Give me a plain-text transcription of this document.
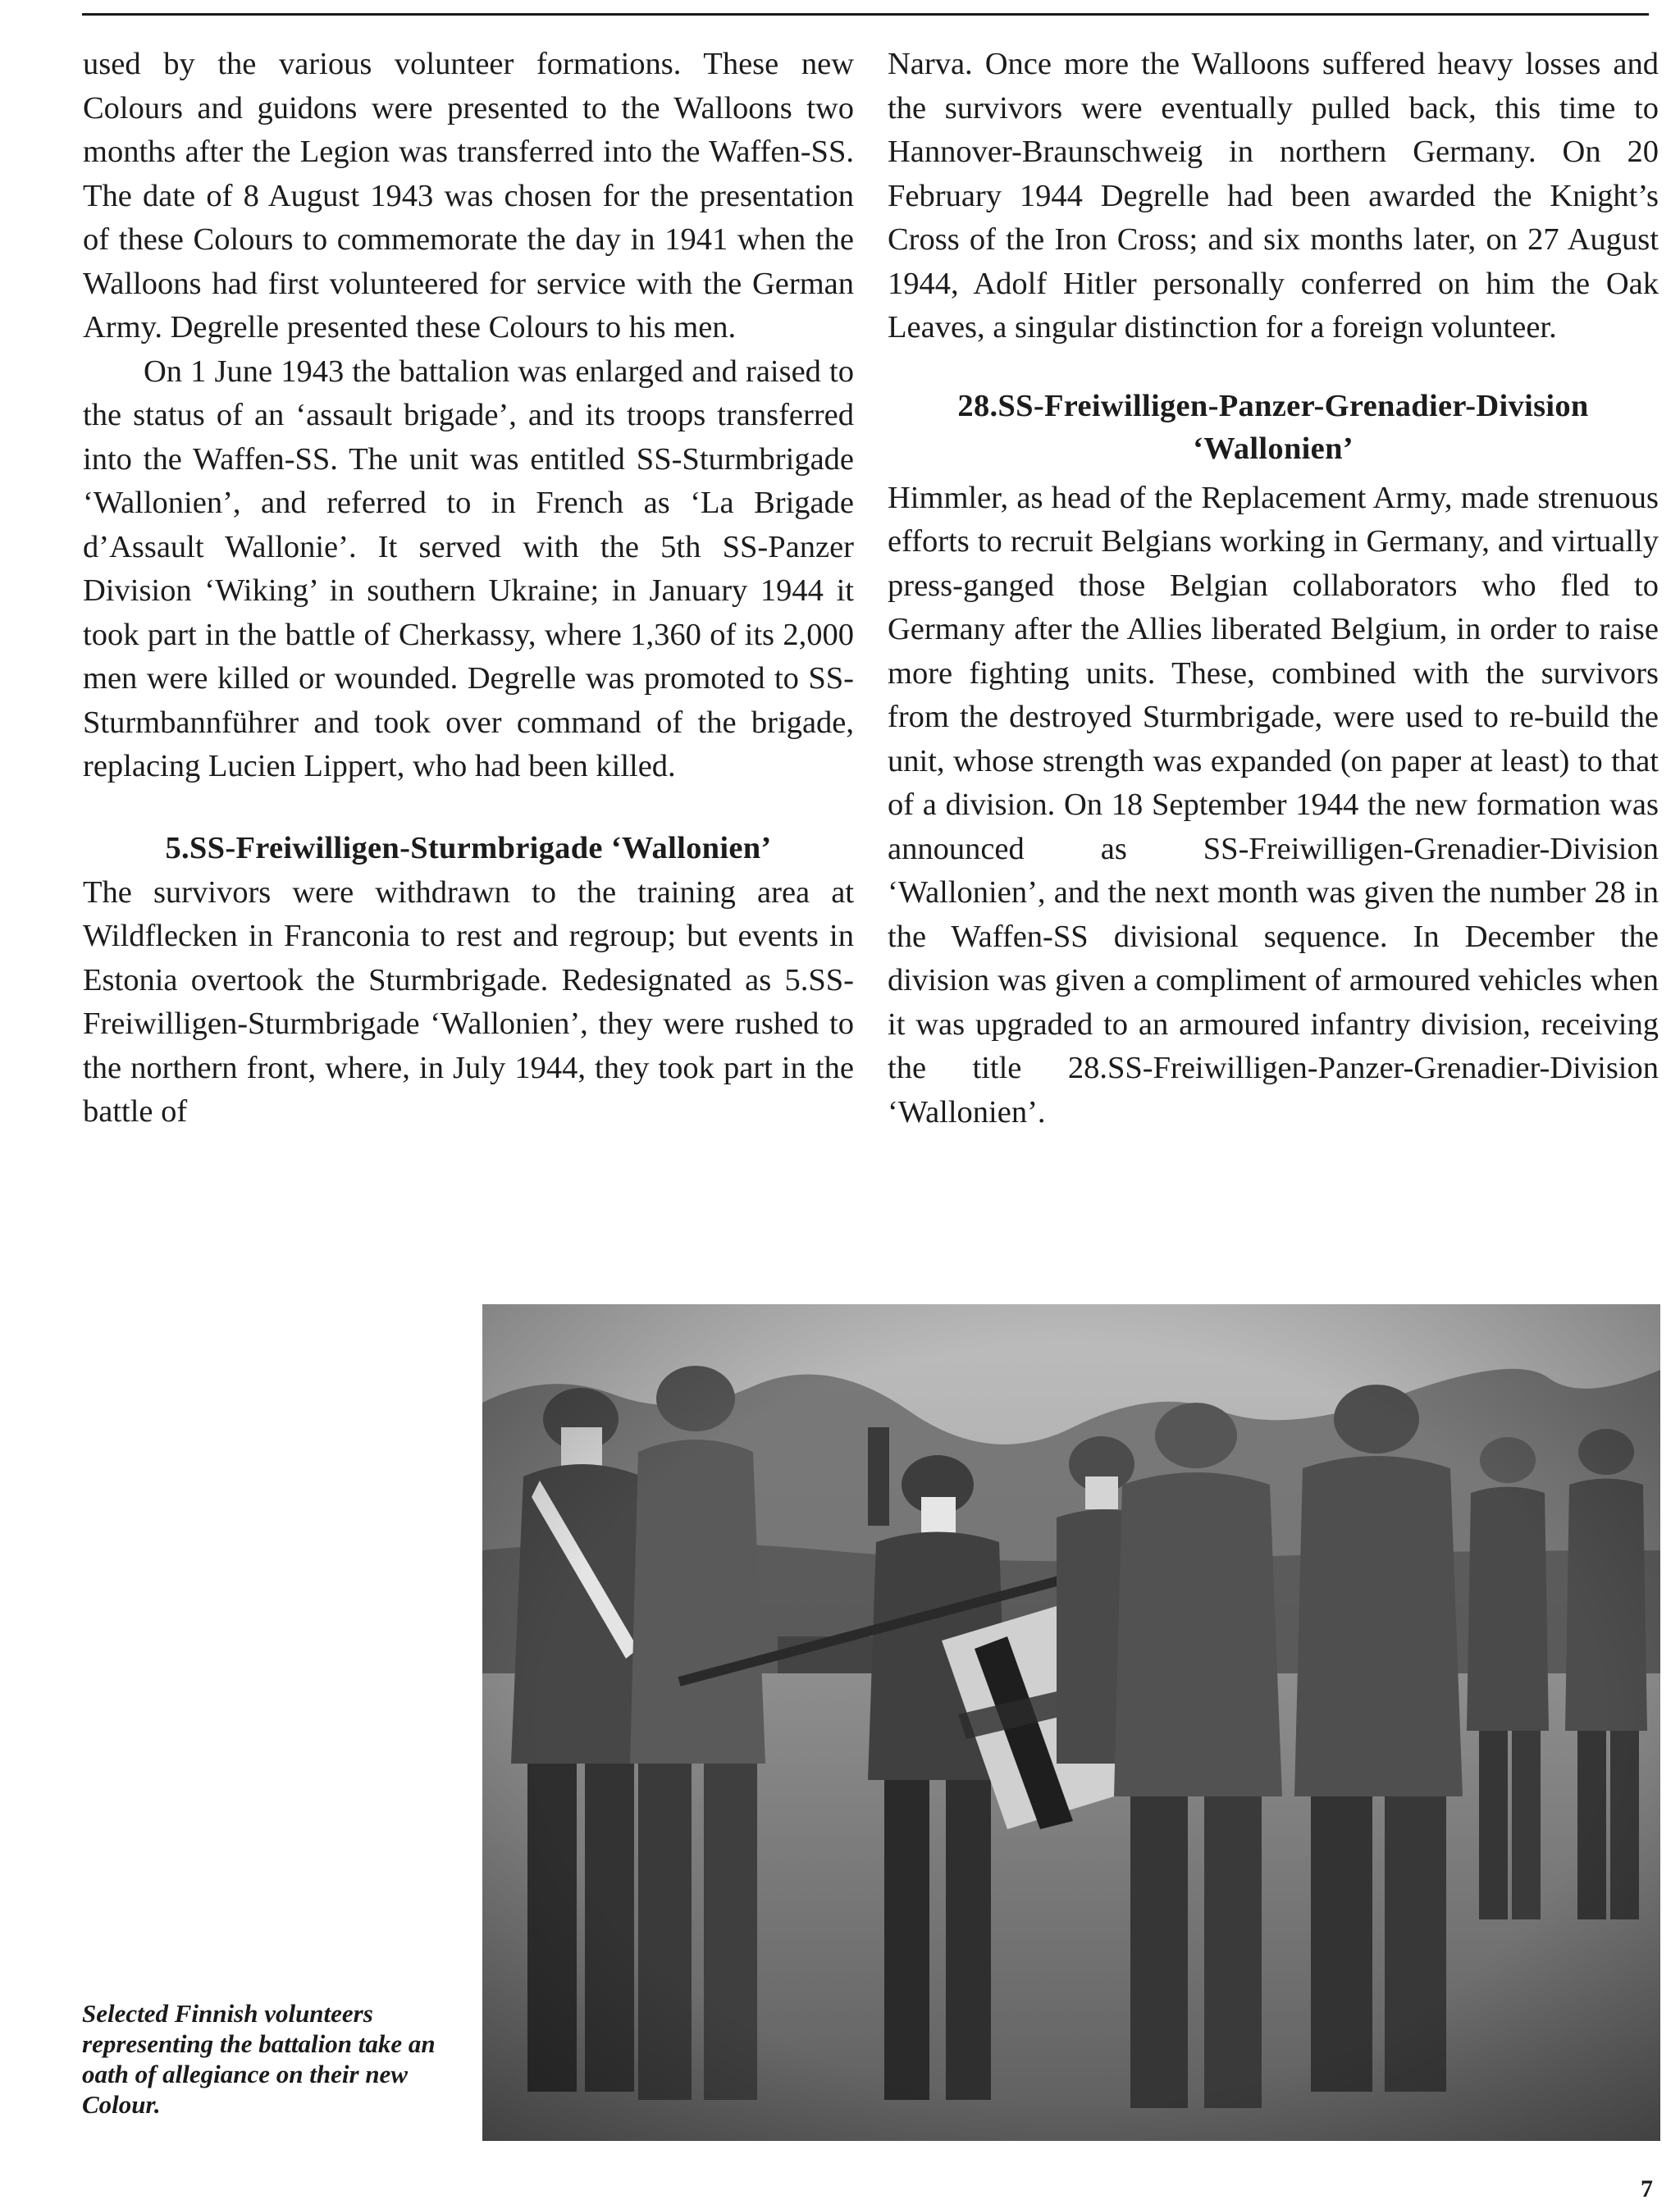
used by the various volunteer formations. These new Colours and guidons were presented to the Walloons two months after the Legion was transferred into the Waffen-SS. The date of 8 August 1943 was chosen for the presentation of these Colours to commemorate the day in 1941 when the Walloons had first volunteered for service with the German Army. Degrelle presented these Colours to his men.

On 1 June 1943 the battalion was enlarged and raised to the status of an ‘assault brigade’, and its troops transferred into the Waffen-SS. The unit was entitled SS-Sturmbrigade ‘Wallonien’, and referred to in French as ‘La Brigade d’Assault Wallonie’. It served with the 5th SS-Panzer Division ‘Wiking’ in southern Ukraine; in January 1944 it took part in the battle of Cherkassy, where 1,360 of its 2,000 men were killed or wounded. Degrelle was promoted to SS-Sturmbannführer and took over command of the brigade, replacing Lucien Lippert, who had been killed.

5.SS-Freiwilligen-Sturmbrigade ‘Wallonien’

The survivors were withdrawn to the training area at Wildflecken in Franconia to rest and regroup; but events in Estonia overtook the Sturmbrigade. Redesignated as 5.SS-Freiwilligen-Sturmbrigade ‘Wallonien’, they were rushed to the northern front, where, in July 1944, they took part in the battle of

Narva. Once more the Walloons suffered heavy losses and the survivors were eventually pulled back, this time to Hannover-Braunschweig in northern Germany. On 20 February 1944 Degrelle had been awarded the Knight’s Cross of the Iron Cross; and six months later, on 27 August 1944, Adolf Hitler personally conferred on him the Oak Leaves, a singular distinction for a foreign volunteer.

28.SS-Freiwilligen-Panzer-Grenadier-Division ‘Wallonien’

Himmler, as head of the Replacement Army, made strenuous efforts to recruit Belgians working in Germany, and virtually press-ganged those Belgian collaborators who fled to Germany after the Allies liberated Belgium, in order to raise more fighting units. These, combined with the survivors from the destroyed Sturmbrigade, were used to re-build the unit, whose strength was expanded (on paper at least) to that of a division. On 18 September 1944 the new formation was announced as SS-Freiwilligen-Grenadier-Division ‘Wallonien’, and the next month was given the number 28 in the Waffen-SS divisional sequence. In December the division was given a compliment of armoured vehicles when it was upgraded to an armoured infantry division, receiving the title 28.SS-Freiwilligen-Panzer-Grenadier-Division ‘Wallonien’.

Selected Finnish volunteers representing the battalion take an oath of allegiance on their new Colour.
7
